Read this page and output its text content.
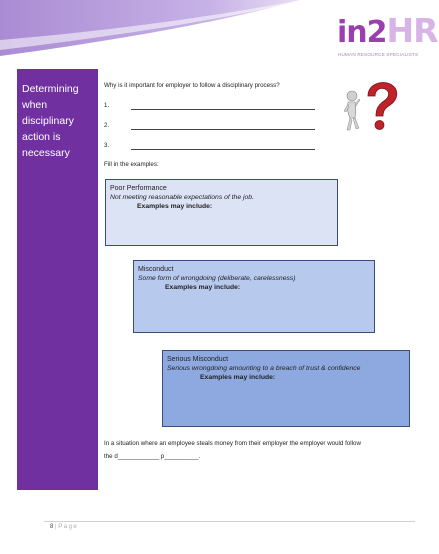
in2HR
HUMAN RESOURCE SPECIALISTS
Determining
when
disciplinary
action is
necessary
Why is it important for employer to follow a disciplinary process?
1.
2.
3.
Fill in the examples:
Poor Performance
Not meeting reasonable expectations of the job.
Examples may include:
Misconduct
Some form of wrongdoing (deliberate, carelessness)
Examples may include:
Serious Misconduct
Serious wrongdoing amounting to a breach of trust & confidence
Examples may include:
In a situation where an employee steals money from their employer the employer would follow
the d____________ p__________.
8 | Page
